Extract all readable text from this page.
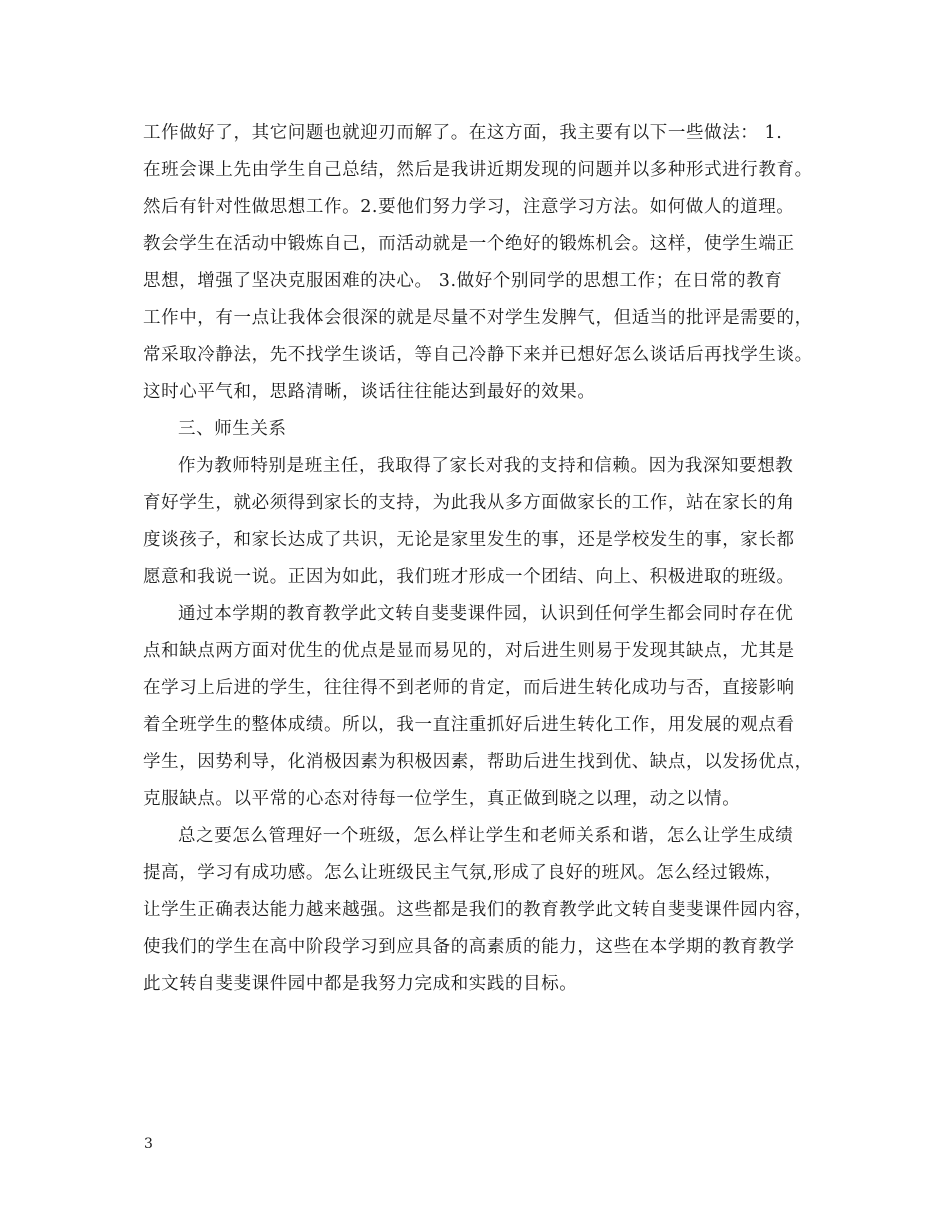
工作做好了，其它问题也就迎刃而解了。在这方面，我主要有以下一些做法： 1.
在班会课上先由学生自己总结，然后是我讲近期发现的问题并以多种形式进行教育。
然后有针对性做思想工作。2.要他们努力学习，注意学习方法。如何做人的道理。
教会学生在活动中锻炼自己，而活动就是一个绝好的锻炼机会。这样，使学生端正
思想，增强了坚决克服困难的决心。 3.做好个别同学的思想工作；在日常的教育
工作中，有一点让我体会很深的就是尽量不对学生发脾气，但适当的批评是需要的，
常采取冷静法，先不找学生谈话，等自己冷静下来并已想好怎么谈话后再找学生谈。
这时心平气和，思路清晰，谈话往往能达到最好的效果。
三、师生关系
作为教师特别是班主任，我取得了家长对我的支持和信赖。因为我深知要想教
育好学生，就必须得到家长的支持，为此我从多方面做家长的工作，站在家长的角
度谈孩子，和家长达成了共识，无论是家里发生的事，还是学校发生的事，家长都
愿意和我说一说。正因为如此，我们班才形成一个团结、向上、积极进取的班级。
通过本学期的教育教学此文转自斐斐课件园，认识到任何学生都会同时存在优
点和缺点两方面对优生的优点是显而易见的，对后进生则易于发现其缺点，尤其是
在学习上后进的学生，往往得不到老师的肯定，而后进生转化成功与否，直接影响
着全班学生的整体成绩。所以，我一直注重抓好后进生转化工作，用发展的观点看
学生，因势利导，化消极因素为积极因素，帮助后进生找到优、缺点，以发扬优点，
克服缺点。以平常的心态对待每一位学生，真正做到晓之以理，动之以情。
总之要怎么管理好一个班级，怎么样让学生和老师关系和谐，怎么让学生成绩
提高，学习有成功感。怎么让班级民主气氛,形成了良好的班风。怎么经过锻炼，
让学生正确表达能力越来越强。这些都是我们的教育教学此文转自斐斐课件园内容，
使我们的学生在高中阶段学习到应具备的高素质的能力，这些在本学期的教育教学
此文转自斐斐课件园中都是我努力完成和实践的目标。
3
